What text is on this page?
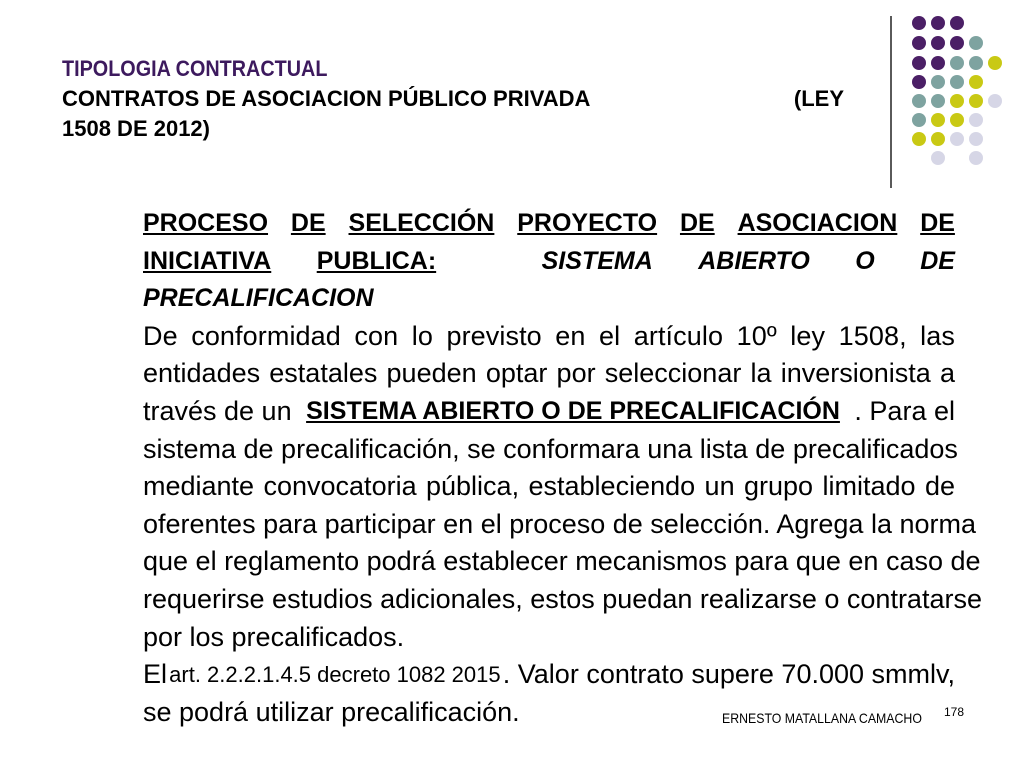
TIPOLOGIA CONTRACTUAL
CONTRATOS DE ASOCIACION PÚBLICO PRIVADA	(LEY
1508 DE 2012)
PROCESO DE SELECCIÓN PROYECTO DE ASOCIACION DE
INICIATIVA PUBLICA:	SISTEMA ABIERTO O DE
PRECALIFICACION
De conformidad con lo previsto en el artículo 10º ley 1508, las
entidades estatales pueden optar por seleccionar la inversionista a
través de un SISTEMA ABIERTO O DE PRECALIFICACIÓN . Para el
sistema de precalificación, se conformara una lista de precalificados
mediante convocatoria pública, estableciendo un grupo limitado de
oferentes para participar en el proceso de selección. Agrega la norma
que el reglamento podrá establecer mecanismos para que en caso de
requerirse estudios adicionales, estos puedan realizarse o contratarse
por los precalificados.
El art. 2.2.2.1.4.5 decreto 1082 2015 . Valor contrato supere 70.000 smmlv,
se podrá utilizar precalificación.	ERNESTO MATALLANA CAMACHO 178
